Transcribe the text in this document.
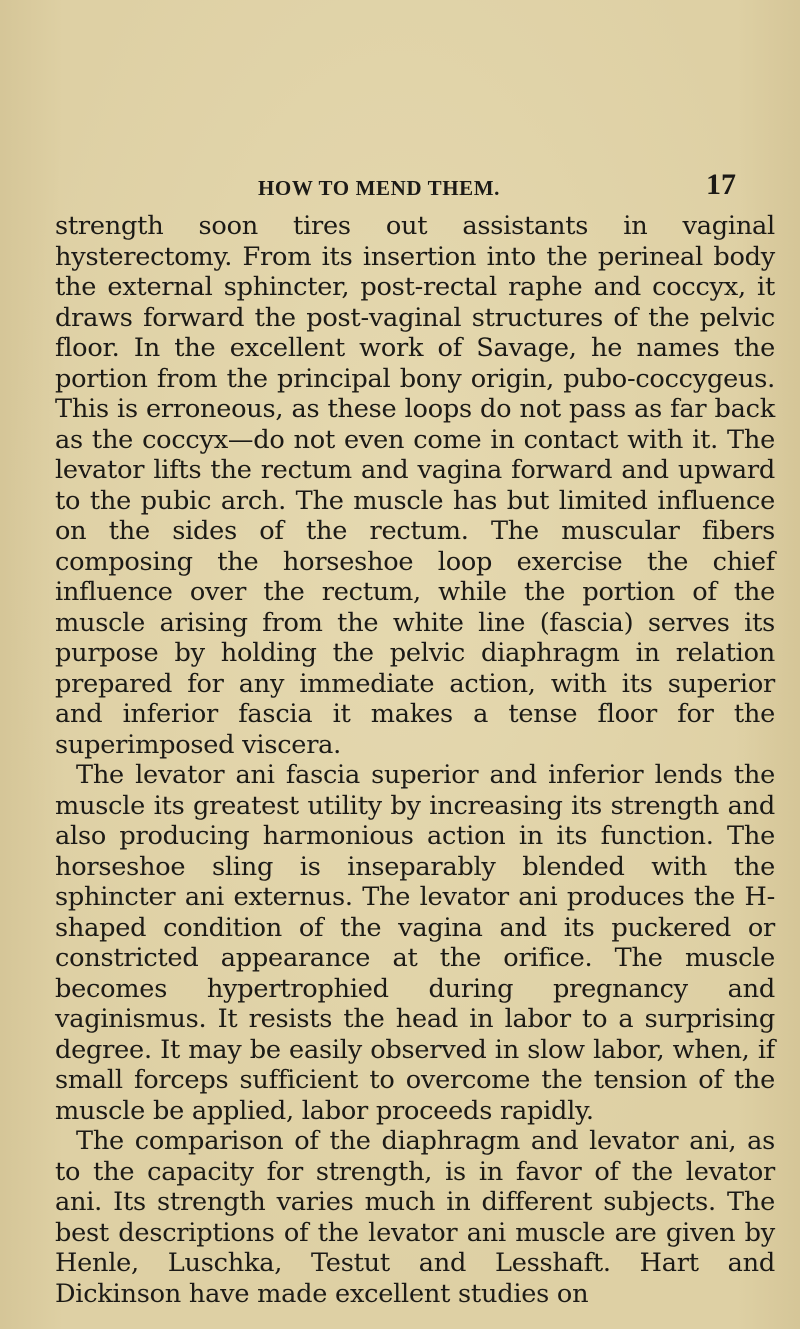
HOW TO MEND THEM.	17

strength soon tires out assistants in vaginal hysterectomy. From its insertion into the perineal body the external sphincter, post-rectal raphe and coccyx, it draws forward the post-vaginal structures of the pelvic floor. In the excellent work of Savage, he names the portion from the principal bony origin, pubo-coccygeus. This is erroneous, as these loops do not pass as far back as the coccyx—do not even come in contact with it. The levator lifts the rectum and vagina forward and upward to the pubic arch. The muscle has but limited influence on the sides of the rectum. The muscular fibers composing the horseshoe loop exercise the chief influence over the rectum, while the portion of the muscle arising from the white line (fascia) serves its purpose by holding the pelvic diaphragm in relation prepared for any immediate action, with its superior and inferior fascia it makes a tense floor for the superimposed viscera.

The levator ani fascia superior and inferior lends the muscle its greatest utility by increasing its strength and also producing harmonious action in its function. The horseshoe sling is inseparably blended with the sphincter ani externus. The levator ani produces the H-shaped condition of the vagina and its puckered or constricted appearance at the orifice. The muscle becomes hypertrophied during pregnancy and vaginismus. It resists the head in labor to a surprising degree. It may be easily observed in slow labor, when, if small forceps sufficient to overcome the tension of the muscle be applied, labor proceeds rapidly.

The comparison of the diaphragm and levator ani, as to the capacity for strength, is in favor of the levator ani. Its strength varies much in different subjects. The best descriptions of the levator ani muscle are given by Henle, Luschka, Testut and Lesshaft. Hart and Dickinson have made excellent studies on
